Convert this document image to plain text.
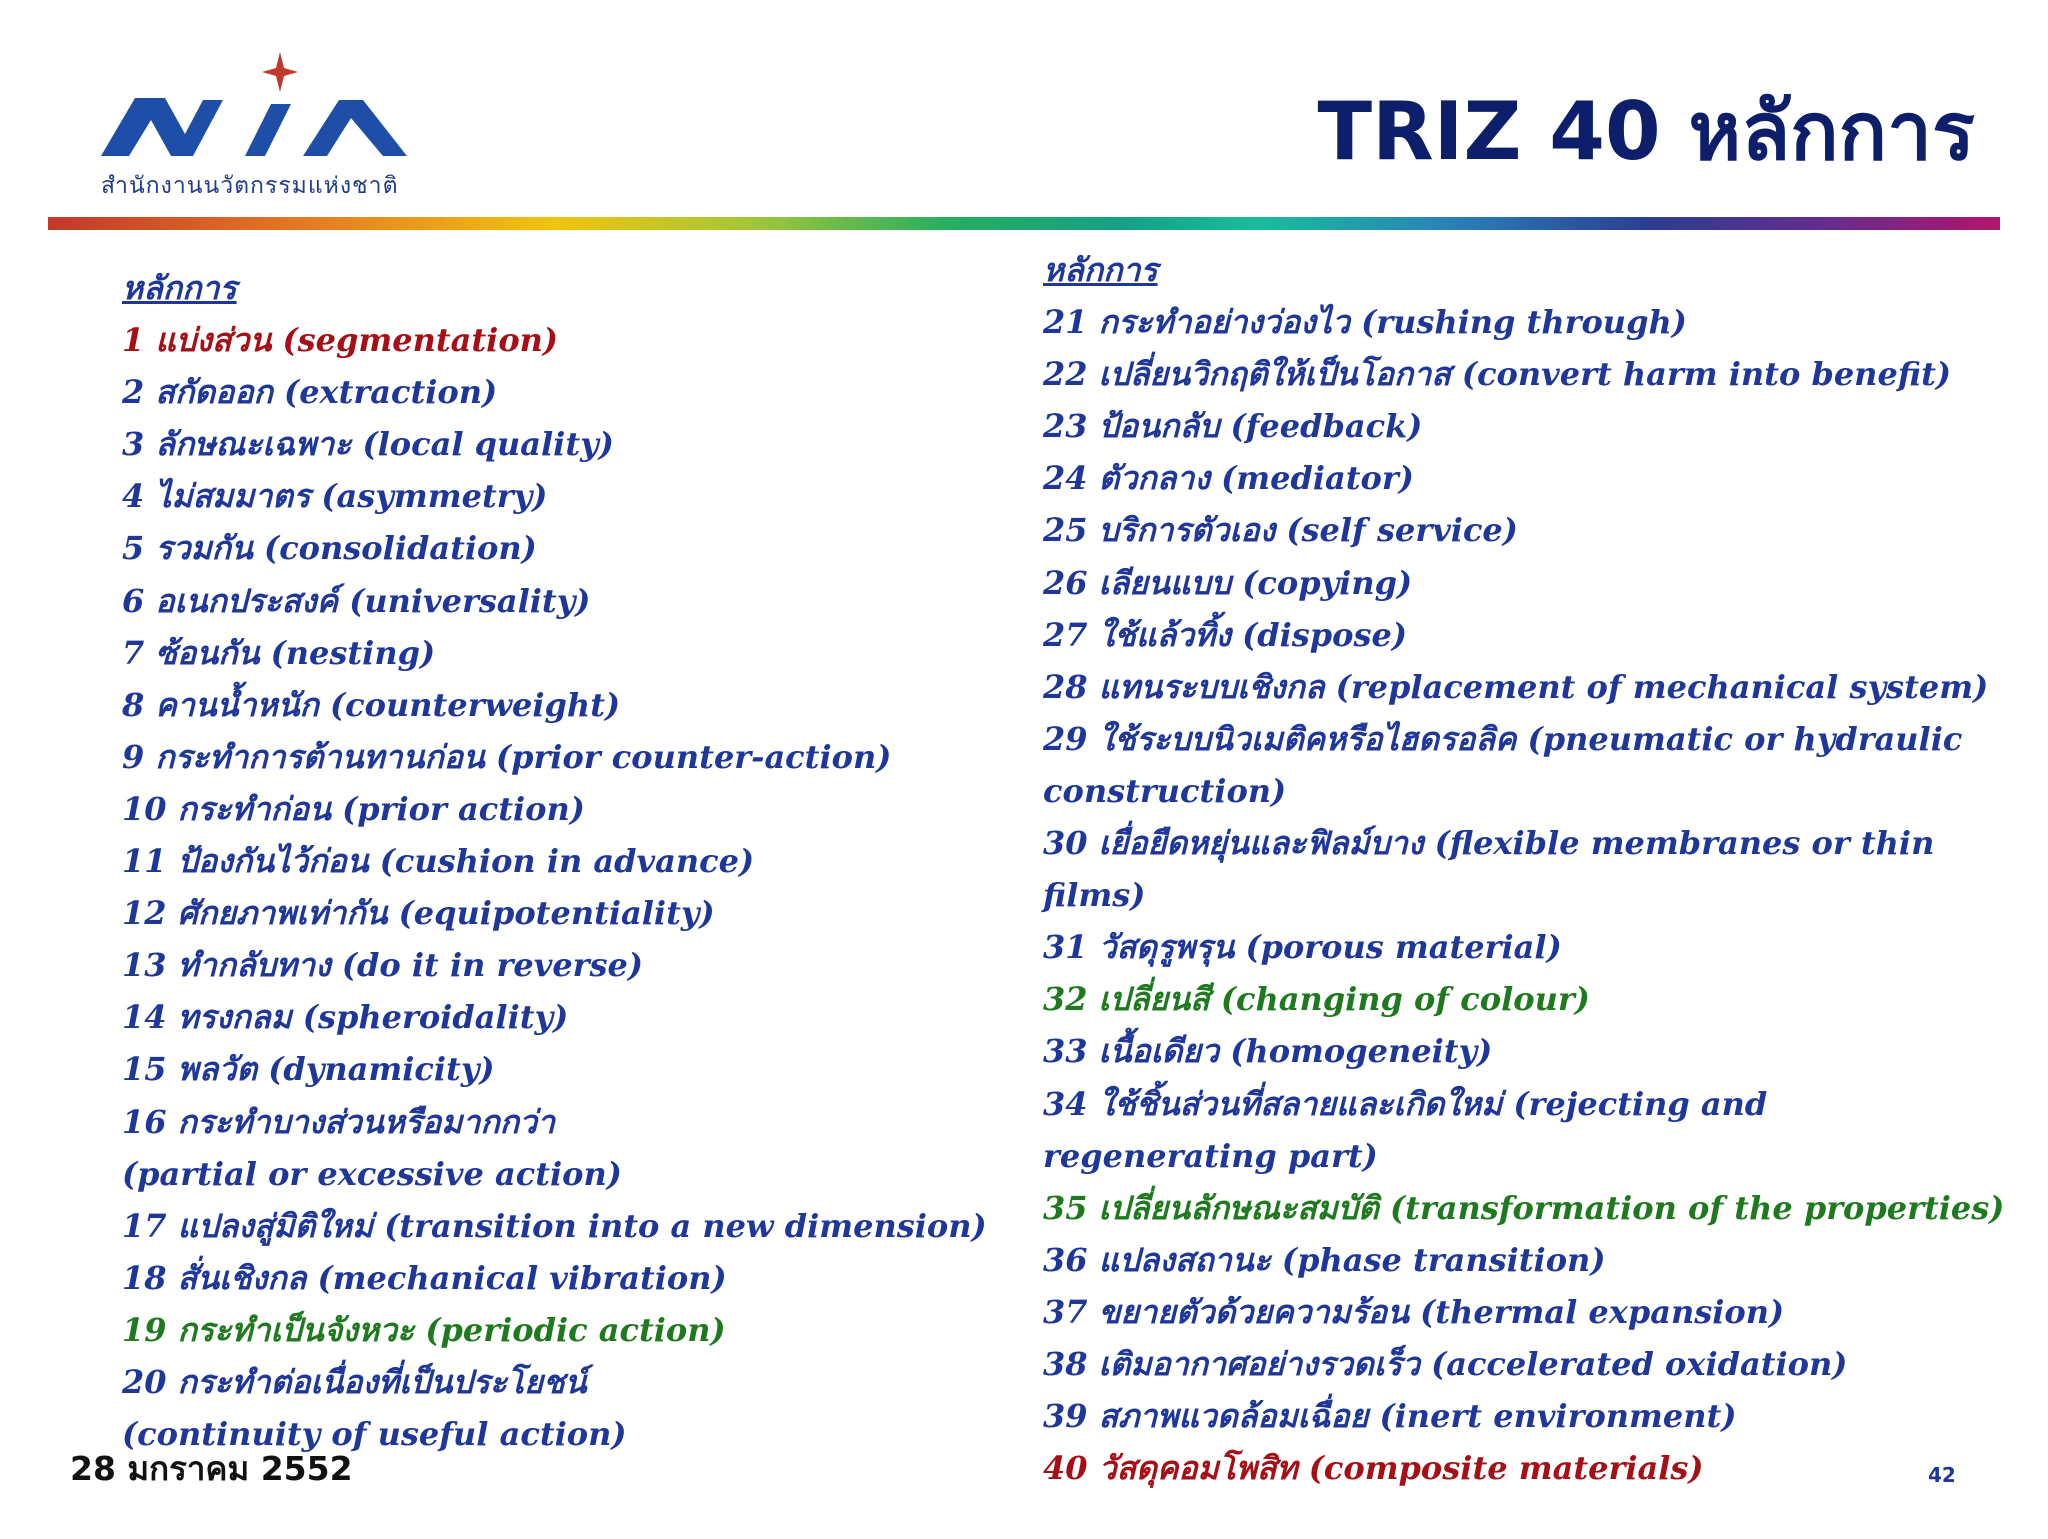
สำนักงานนวัตกรรมแห่งชาติ
TRIZ 40 หลักการ
หลักการ
1 แบ่งส่วน (segmentation)
2 สกัดออก (extraction)
3 ลักษณะเฉพาะ (local quality)
4 ไม่สมมาตร (asymmetry)
5 รวมกัน (consolidation)
6 อเนกประสงค์ (universality)
7 ซ้อนกัน (nesting)
8 คานน้ำหนัก (counterweight)
9 กระทำการต้านทานก่อน (prior counter-action)
10 กระทำก่อน (prior action)
11 ป้องกันไว้ก่อน (cushion in advance)
12 ศักยภาพเท่ากัน (equipotentiality)
13 ทำกลับทาง (do it in reverse)
14 ทรงกลม (spheroidality)
15 พลวัต (dynamicity)
16 กระทำบางส่วนหรือมากกว่า
(partial or excessive action)
17 แปลงสู่มิติใหม่ (transition into a new dimension)
18 สั่นเชิงกล (mechanical vibration)
19 กระทำเป็นจังหวะ (periodic action)
20 กระทำต่อเนื่องที่เป็นประโยชน์
(continuity of useful action)
หลักการ
21 กระทำอย่างว่องไว (rushing through)
22 เปลี่ยนวิกฤติให้เป็นโอกาส (convert harm into benefit)
23 ป้อนกลับ (feedback)
24 ตัวกลาง (mediator)
25 บริการตัวเอง (self service)
26 เลียนแบบ (copying)
27 ใช้แล้วทิ้ง (dispose)
28 แทนระบบเชิงกล (replacement of mechanical system)
29 ใช้ระบบนิวเมติคหรือไฮดรอลิค (pneumatic or hydraulic
construction)
30 เยื่อยืดหยุ่นและฟิลม์บาง (flexible membranes or thin
films)
31 วัสดุรูพรุน (porous material)
32 เปลี่ยนสี (changing of colour)
33 เนื้อเดียว (homogeneity)
34 ใช้ชิ้นส่วนที่สลายและเกิดใหม่ (rejecting and
regenerating part)
35 เปลี่ยนลักษณะสมบัติ (transformation of the properties)
36 แปลงสถานะ (phase transition)
37 ขยายตัวด้วยความร้อน (thermal expansion)
38 เติมอากาศอย่างรวดเร็ว (accelerated oxidation)
39 สภาพแวดล้อมเฉื่อย (inert environment)
40 วัสดุคอมโพสิท (composite materials)
28 มกราคม 2552	42
